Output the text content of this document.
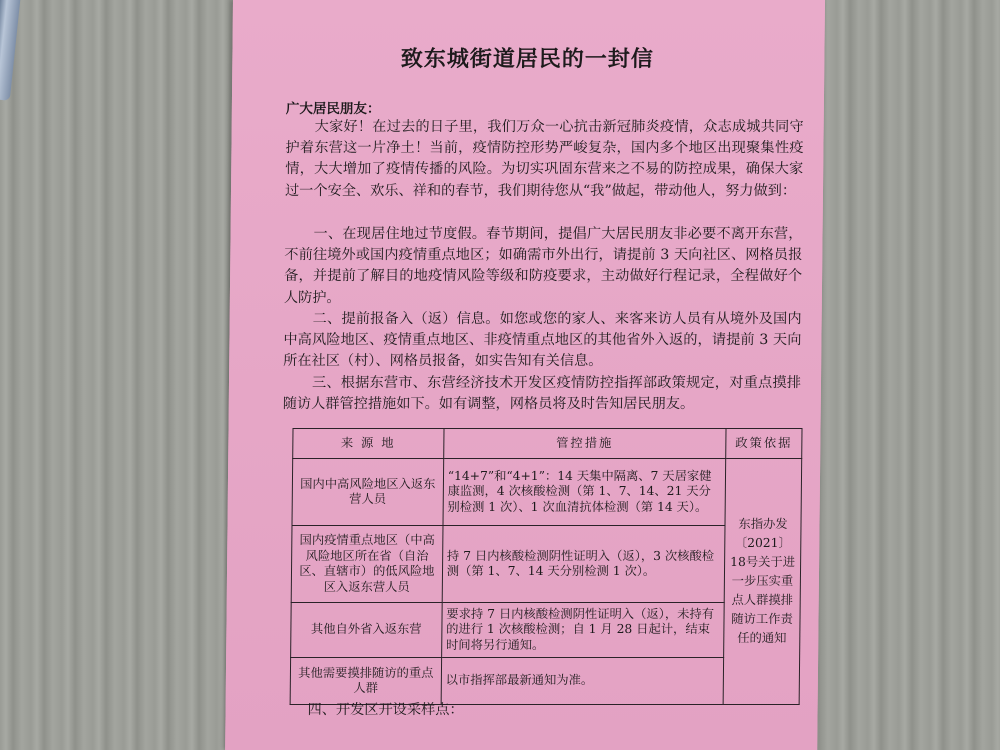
致东城街道居民的一封信
广大居民朋友：
大家好！在过去的日子里，我们万众一心抗击新冠肺炎疫情，众志成城共同守护着东营这一片净土！当前，疫情防控形势严峻复杂，国内多个地区出现聚集性疫情，大大增加了疫情传播的风险。为切实巩固东营来之不易的防控成果，确保大家过一个安全、欢乐、祥和的春节，我们期待您从“我”做起，带动他人，努力做到：
一、在现居住地过节度假。春节期间，提倡广大居民朋友非必要不离开东营，不前往境外或国内疫情重点地区；如确需市外出行，请提前 3 天向社区、网格员报备，并提前了解目的地疫情风险等级和防疫要求，主动做好行程记录，全程做好个人防护。
二、提前报备入（返）信息。如您或您的家人、来客来访人员有从境外及国内中高风险地区、疫情重点地区、非疫情重点地区的其他省外入返的，请提前 3 天向所在社区（村）、网格员报备，如实告知有关信息。
三、根据东营市、东营经济技术开发区疫情防控指挥部政策规定，对重点摸排随访人群管控措施如下。如有调整，网格员将及时告知居民朋友。
来 源 地	管控措施	政策依据
国内中高风险地区入返东营人员	“14+7”和“4+1”：14 天集中隔离、7 天居家健康监测，4 次核酸检测（第 1、7、14、21 天分别检测 1 次）、1 次血清抗体检测（第 14 天）。	东指办发〔2021〕18号关于进一步压实重点人群摸排随访工作责任的通知
国内疫情重点地区（中高风险地区所在省（自治区、直辖市）的低风险地区入返东营人员	持 7 日内核酸检测阴性证明入（返），3 次核酸检测（第 1、7、14 天分别检测 1 次）。	
其他自外省入返东营	要求持 7 日内核酸检测阴性证明入（返），未持有的进行 1 次核酸检测；自 1 月 28 日起计，结束时间将另行通知。	
其他需要摸排随访的重点人群	以市指挥部最新通知为准。	
四、开发区开设采样点：
